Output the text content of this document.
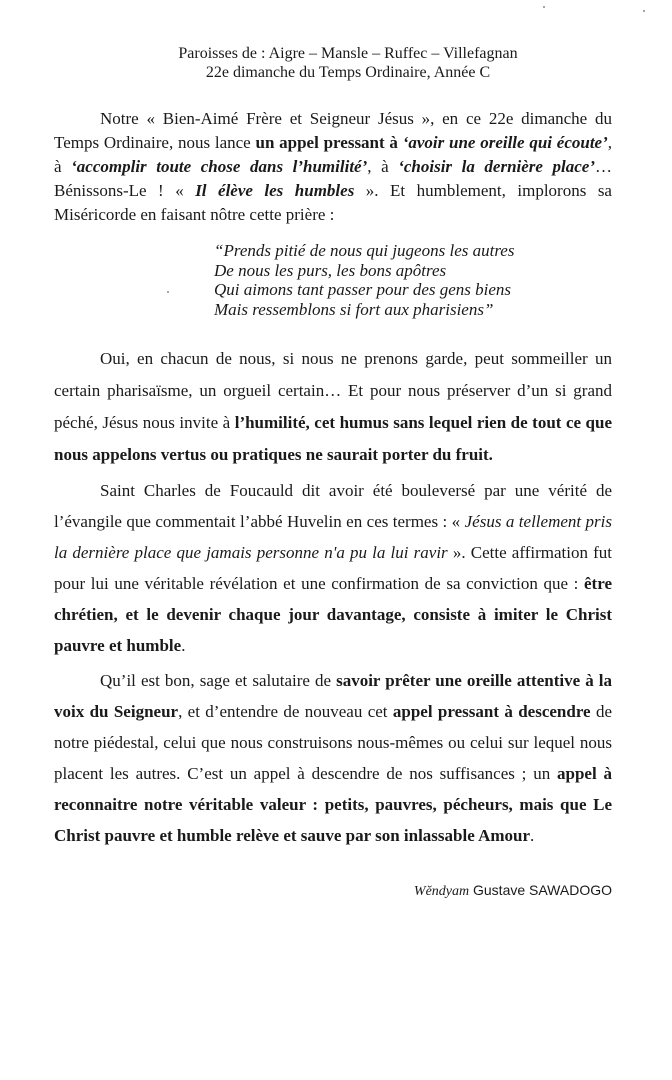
Paroisses de : Aigre – Mansle – Ruffec – Villefagnan
22e dimanche du Temps Ordinaire, Année C

Notre « Bien-Aimé Frère et Seigneur Jésus », en ce 22e dimanche du Temps Ordinaire, nous lance un appel pressant à ‘avoir une oreille qui écoute’, à ‘accomplir toute chose dans l’humilité’, à ‘choisir la dernière place’… Bénissons-Le ! « Il élève les humbles ». Et humblement, implorons sa Miséricorde en faisant nôtre cette prière :

“Prends pitié de nous qui jugeons les autres
De nous les purs, les bons apôtres
Qui aimons tant passer pour des gens biens
Mais ressemblons si fort aux pharisiens”

Oui, en chacun de nous, si nous ne prenons garde, peut sommeiller un certain pharisaïsme, un orgueil certain… Et pour nous préserver d’un si grand péché, Jésus nous invite à l’humilité, cet humus sans lequel rien de tout ce que nous appelons vertus ou pratiques ne saurait porter du fruit.

Saint Charles de Foucauld dit avoir été bouleversé par une vérité de l’évangile que commentait l’abbé Huvelin en ces termes : « Jésus a tellement pris la dernière place que jamais personne n'a pu la lui ravir ». Cette affirmation fut pour lui une véritable révélation et une confirmation de sa conviction que : être chrétien, et le devenir chaque jour davantage, consiste à imiter le Christ pauvre et humble.

Qu’il est bon, sage et salutaire de savoir prêter une oreille attentive à la voix du Seigneur, et d’entendre de nouveau cet appel pressant à descendre de notre piédestal, celui que nous construisons nous-mêmes ou celui sur lequel nous placent les autres. C’est un appel à descendre de nos suffisances ; un appel à reconnaitre notre véritable valeur : petits, pauvres, pécheurs, mais que Le Christ pauvre et humble relève et sauve par son inlassable Amour.

Wĕndyam Gustave SAWADOGO
